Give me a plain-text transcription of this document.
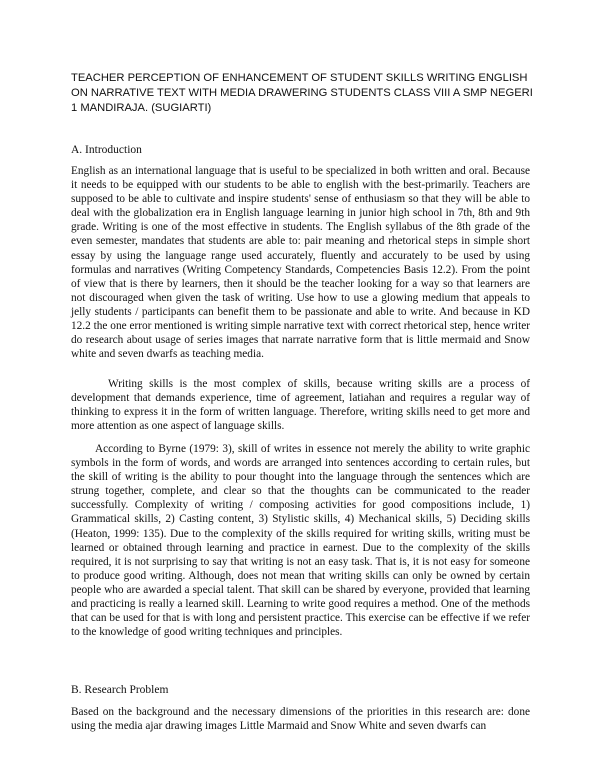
TEACHER PERCEPTION OF ENHANCEMENT OF STUDENT SKILLS WRITING ENGLISH ON NARRATIVE TEXT WITH MEDIA DRAWERING STUDENTS CLASS VIII A SMP NEGERI 1 MANDIRAJA. (SUGIARTI)
A. Introduction

English as an international language that is useful to be specialized in both written and oral. Because it needs to be equipped with our students to be able to english with the best-primarily. Teachers are supposed to be able to cultivate and inspire students' sense of enthusiasm so that they will be able to deal with the globalization era in English language learning in junior high school in 7th, 8th and 9th grade. Writing is one of the most effective in students. The English syllabus of the 8th grade of the even semester, mandates that students are able to: pair meaning and rhetorical steps in simple short essay by using the language range used accurately, fluently and accurately to be used by using formulas and narratives (Writing Competency Standards, Competencies Basis 12.2). From the point of view that is there by learners, then it should be the teacher looking for a way so that learners are not discouraged when given the task of writing. Use how to use a glowing medium that appeals to jelly students / participants can benefit them to be passionate and able to write. And because in KD 12.2 the one error mentioned is writing simple narrative text with correct rhetorical step, hence writer do research about usage of series images that narrate narrative form that is little mermaid and Snow white and seven dwarfs as teaching media.

Writing skills is the most complex of skills, because writing skills are a process of development that demands experience, time of agreement, latiahan and requires a regular way of thinking to express it in the form of written language. Therefore, writing skills need to get more and more attention as one aspect of language skills.

According to Byrne (1979: 3), skill of writes in essence not merely the ability to write graphic symbols in the form of words, and words are arranged into sentences according to certain rules, but the skill of writing is the ability to pour thought into the language through the sentences which are strung together, complete, and clear so that the thoughts can be communicated to the reader successfully. Complexity of writing / composing activities for good compositions include, 1) Grammatical skills, 2) Casting content, 3) Stylistic skills, 4) Mechanical skills, 5) Deciding skills (Heaton, 1999: 135). Due to the complexity of the skills required for writing skills, writing must be learned or obtained through learning and practice in earnest. Due to the complexity of the skills required, it is not surprising to say that writing is not an easy task. That is, it is not easy for someone to produce good writing. Although, does not mean that writing skills can only be owned by certain people who are awarded a special talent. That skill can be shared by everyone, provided that learning and practicing is really a learned skill. Learning to write good requires a method. One of the methods that can be used for that is with long and persistent practice. This exercise can be effective if we refer to the knowledge of good writing techniques and principles.

B. Research Problem

Based on the background and the necessary dimensions of the priorities in this research are: done using the media ajar drawing images Little Marmaid and Snow White and seven dwarfs can
